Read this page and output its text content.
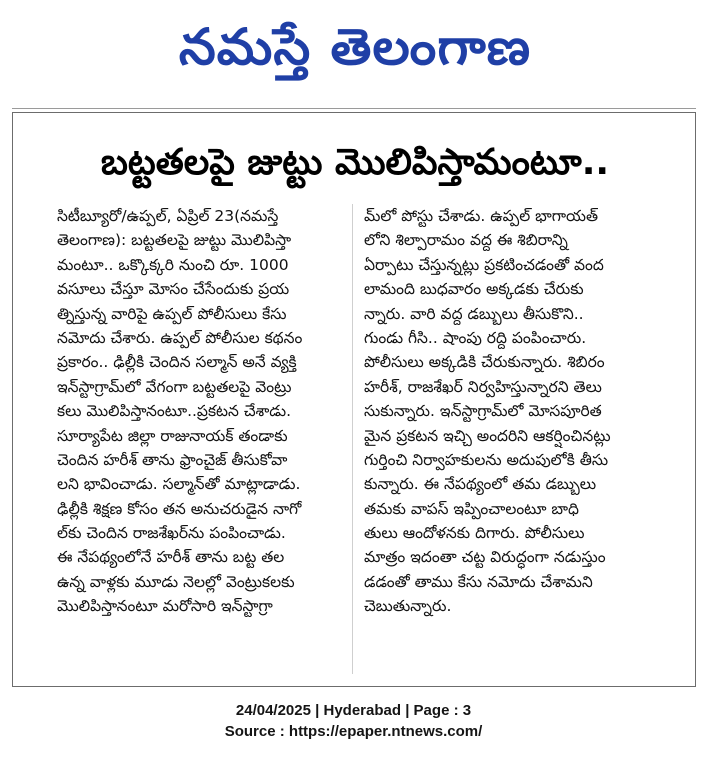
నమస్తే తెలంగాణ
బట్టతలపై జుట్టు మొలిపిస్తామంటూ..
సిటీబ్యూరో/ఉప్పల్, ఏప్రిల్ 23(నమస్తే
తెలంగాణ): బట్టతలపై జుట్టు మొలిపిస్తా
మంటూ.. ఒక్కొక్కరి నుంచి రూ. 1000
వసూలు చేస్తూ మోసం చేసేందుకు ప్రయ
త్నిస్తున్న వారిపై ఉప్పల్ పోలీసులు కేసు
నమోదు చేశారు. ఉప్పల్ పోలీసుల కథనం
ప్రకారం.. ఢిల్లీకి చెందిన సల్మాన్ అనే వ్యక్తి
ఇన్‌స్టాగ్రామ్‌లో వేగంగా బట్టతలపై వెంట్రు
కలు మొలిపిస్తానంటూ..ప్రకటన చేశాడు.
సూర్యాపేట జిల్లా రాజునాయక్ తండాకు
చెందిన హరీశ్ తాను ఫ్రాంచైజ్ తీసుకోవా
లని భావించాడు. సల్మాన్‌తో మాట్లాడాడు.
ఢిల్లీకి శిక్షణ కోసం తన అనుచరుడైన నాగో
ల్‌కు చెందిన రాజశేఖర్‌ను పంపించాడు.
ఈ నేపథ్యంలోనే హరీశ్ తాను బట్ట తల
ఉన్న వాళ్లకు మూడు నెలల్లో వెంట్రుకలకు
మొలిపిస్తానంటూ మరోసారి ఇన్‌స్టాగ్రా
మ్‌లో పోస్టు చేశాడు. ఉప్పల్ భాగాయత్
లోని శిల్పారామం వద్ద ఈ శిబిరాన్ని
ఏర్పాటు చేస్తున్నట్లు ప్రకటించడంతో వంద
లామంది బుధవారం అక్కడకు చేరుకు
న్నారు. వారి వద్ద డబ్బులు తీసుకొని..
గుండు గీసి.. షాంపు రద్ది పంపించారు.
పోలీసులు అక్కడికి చేరుకున్నారు. శిబిరం
హరీశ్, రాజశేఖర్ నిర్వహిస్తున్నారని తెలు
సుకున్నారు. ఇన్‌స్టాగ్రామ్‌లో మోసపూరిత
మైన ప్రకటన ఇచ్చి అందరిని ఆకర్షించినట్లు
గుర్తించి నిర్వాహకులను అదుపులోకి తీసు
కున్నారు. ఈ నేపథ్యంలో తమ డబ్బులు
తమకు వాపస్ ఇప్పించాలంటూ బాధి
తులు ఆందోళనకు దిగారు. పోలీసులు
మాత్రం ఇదంతా చట్ట విరుద్ధంగా నడుస్తుం
డడంతో తాము కేసు నమోదు చేశామని
చెబుతున్నారు.
24/04/2025 | Hyderabad | Page : 3
Source : https://epaper.ntnews.com/
